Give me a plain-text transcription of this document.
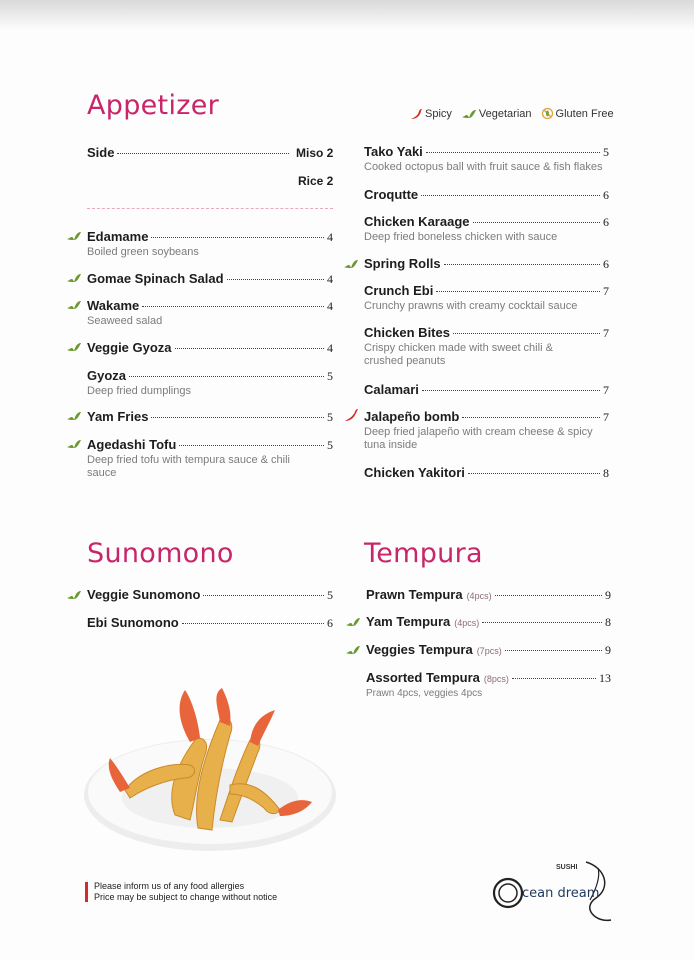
Appetizer
Sunomono	Tempura
Spicy Vegetarian Gluten Free
Side	Miso 2
Rice 2
Edamame	4
Boiled green soybeans
Gomae Spinach Salad	4
Wakame	4
Seaweed salad
Veggie Gyoza	4
Gyoza	5
Deep fried dumplings
Yam Fries	5
Agedashi Tofu	5
Deep fried tofu with tempura sauce & chili sauce
Tako Yaki	5
Cooked octopus ball with fruit sauce & fish flakes
Croqutte	6
Chicken Karaage	6
Deep fried boneless chicken with sauce
Spring Rolls	6
Crunch Ebi	7
Crunchy prawns with creamy cocktail sauce
Chicken Bites	7
Crispy chicken made with sweet chili & crushed peanuts
Calamari	7
Jalapeño bomb	7
Deep fried jalapeño with cream cheese & spicy tuna inside
Chicken Yakitori	8
Veggie Sunomono	5
Ebi Sunomono	6
Prawn Tempura (4pcs)	9
Yam Tempura (4pcs)	8
Veggies Tempura (7pcs)	9
Assorted Tempura (8pcs)	13
Prawn 4pcs, veggies 4pcs
Please inform us of any food allergies
Price may be subject to change without notice
SUSHI
cean dream
